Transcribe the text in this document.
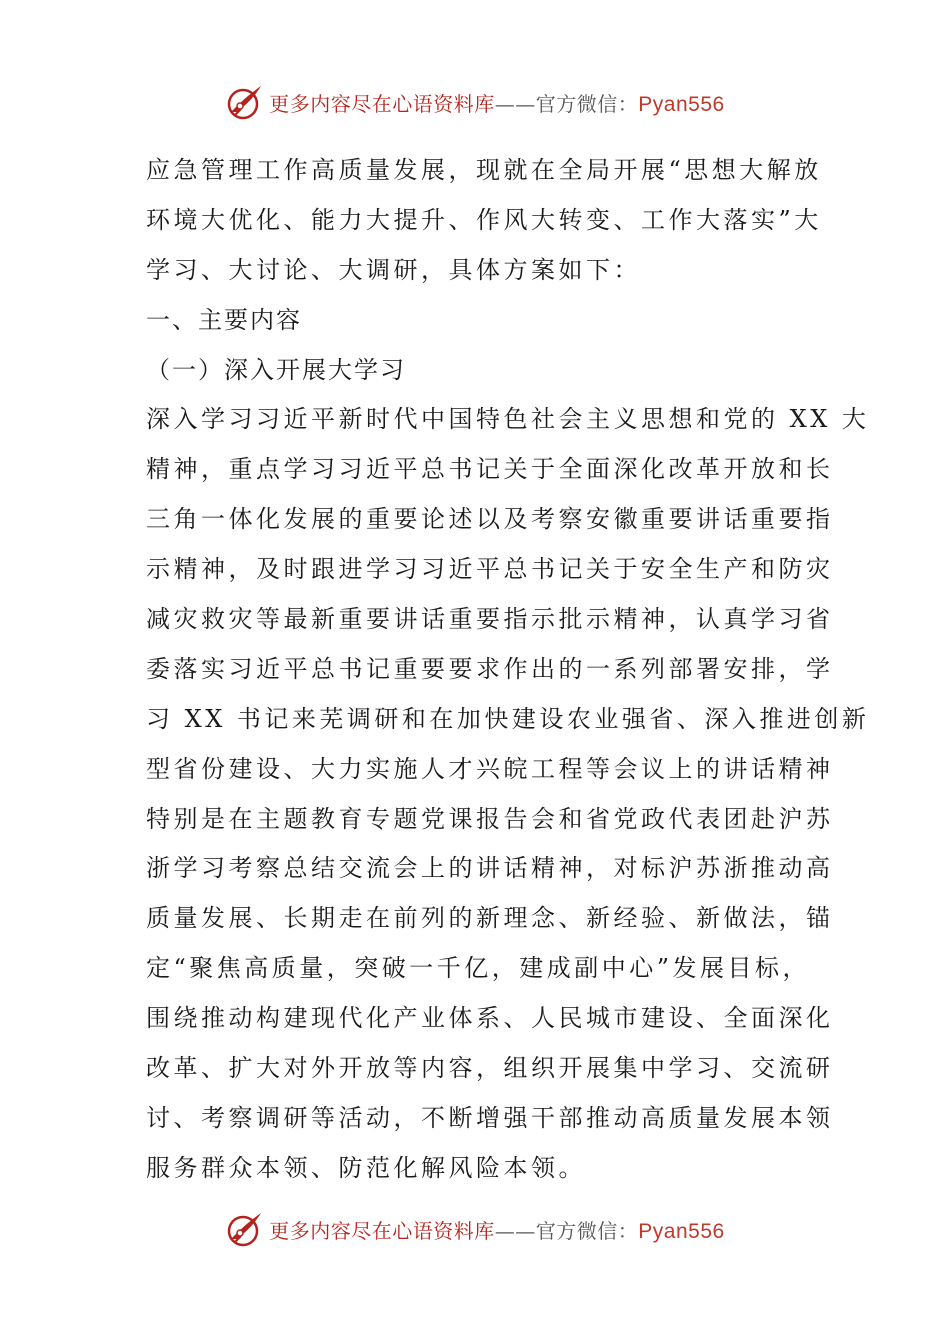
更多内容尽在心语资料库——官方微信：Pyan556
应急管理工作高质量发展，现就在全局开展“思想大解放
环境大优化、能力大提升、作风大转变、工作大落实”大
学习、大讨论、大调研，具体方案如下：
一、主要内容
（一）深入开展大学习
深入学习习近平新时代中国特色社会主义思想和党的 XX 大
精神，重点学习习近平总书记关于全面深化改革开放和长
三角一体化发展的重要论述以及考察安徽重要讲话重要指
示精神，及时跟进学习习近平总书记关于安全生产和防灾
减灾救灾等最新重要讲话重要指示批示精神，认真学习省
委落实习近平总书记重要要求作出的一系列部署安排，学
习 XX 书记来芜调研和在加快建设农业强省、深入推进创新
型省份建设、大力实施人才兴皖工程等会议上的讲话精神
特别是在主题教育专题党课报告会和省党政代表团赴沪苏
浙学习考察总结交流会上的讲话精神，对标沪苏浙推动高
质量发展、长期走在前列的新理念、新经验、新做法，锚
定“聚焦高质量，突破一千亿，建成副中心”发展目标，
围绕推动构建现代化产业体系、人民城市建设、全面深化
改革、扩大对外开放等内容，组织开展集中学习、交流研
讨、考察调研等活动，不断增强干部推动高质量发展本领
服务群众本领、防范化解风险本领。
更多内容尽在心语资料库——官方微信：Pyan556
